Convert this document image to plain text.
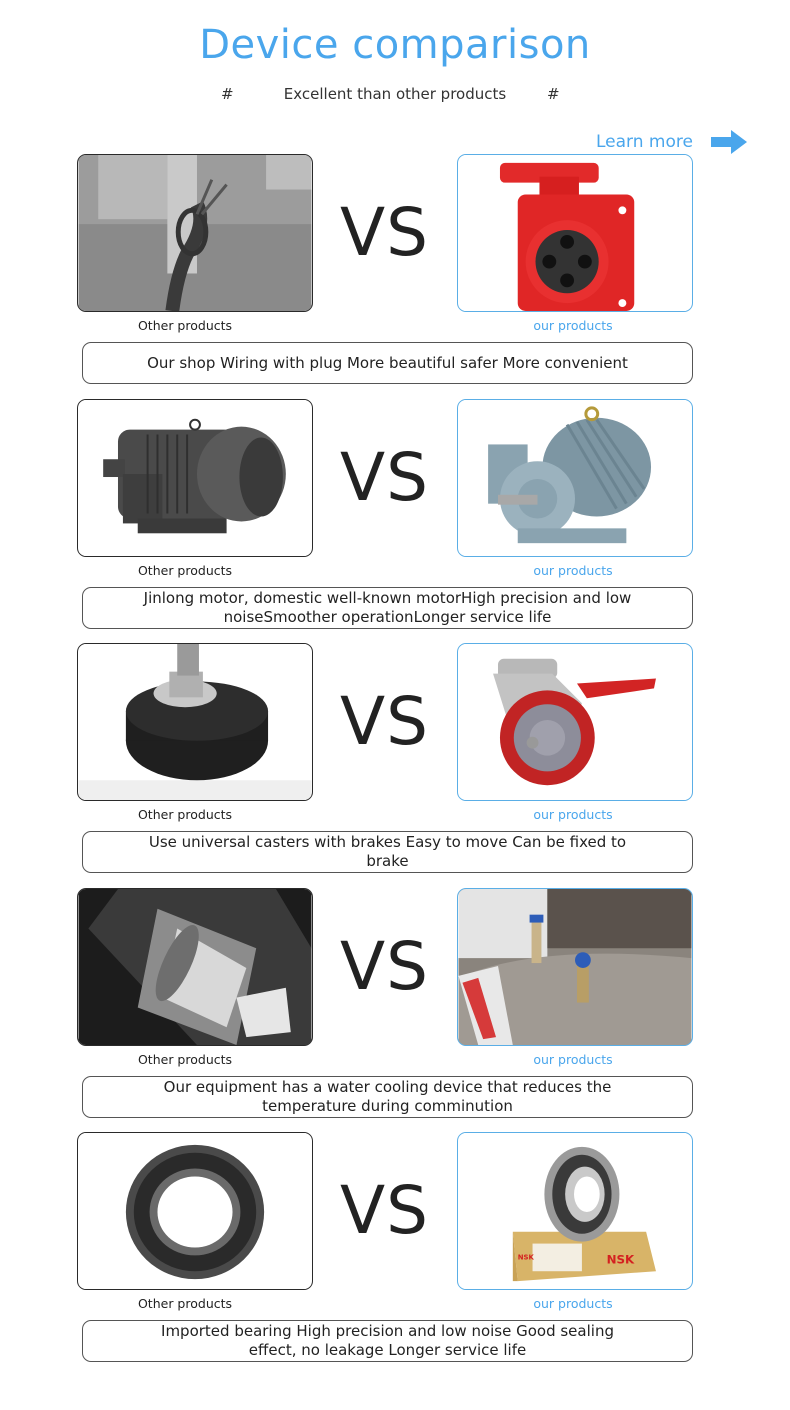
Device comparison
#	Excellent than other products	#
Learn more
VS
Other products	our products
Our shop Wiring with plug More beautiful safer More convenient
VS
Other products	our products
Jinlong motor, domestic well-known motorHigh precision and low noiseSmoother operationLonger service life
VS
Other products	our products
Use universal casters with brakes Easy to move Can be fixed to brake
VS
Other products	our products
Our equipment has a water cooling device that reduces the temperature during comminution
VS
NSK
NSK
Other products	our products
Imported bearing High precision and low noise Good sealing effect, no leakage Longer service life
